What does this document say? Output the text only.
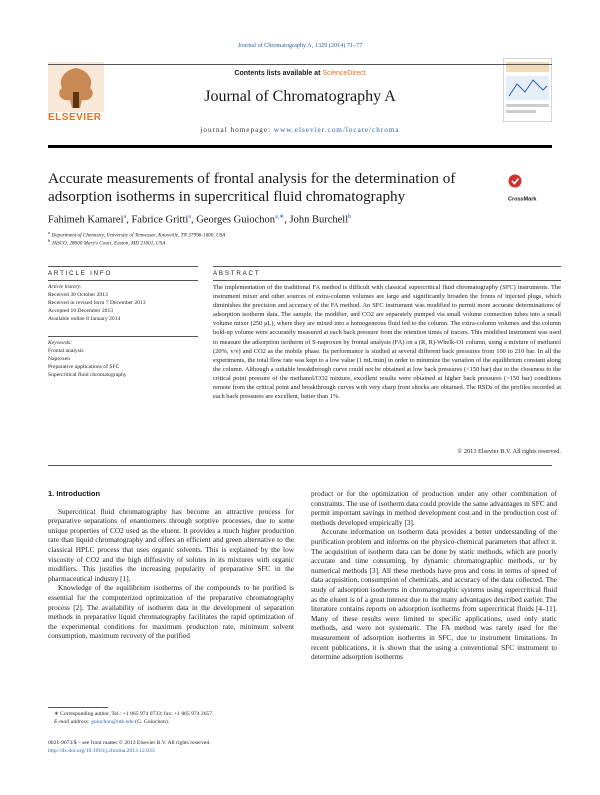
Journal of Chromatography A, 1329 (2014) 71–77
ELSEVIER
Contents lists available at ScienceDirect
Journal of Chromatography A
journal homepage: www.elsevier.com/locate/chroma
Accurate measurements of frontal analysis for the determination of
adsorption isotherms in supercritical fluid chromatography	CrossMark
Fahimeh Kamarei$^a$, Fabrice Gritti$^a$, Georges Guiochon$^{a,∗}$, John Burchell$^b$
$^a$ Department of Chemistry, University of Tennessee, Knoxville, TN 37996-1600, USA
$^b$ JASCO, 28600 Mary's Court, Easton, MD 21601, USA
ARTICLE INFO	ABSTRACT
Article history:
Received 30 October 2013
Received in revised form 7 December 2013
Accepted 10 December 2013
Available online 8 January 2014
Keywords:
Frontal analysis
Naproxen
Preparative applications of SFC
Supercritical fluid chromatography
The implementation of the traditional FA method is difficult with classical supercritical fluid chromatography (SFC) instruments. The instrument mixer and other sources of extra-column volumes are large and significantly broaden the fronts of injected plugs, which diminishes the precision and accuracy of the FA method. An SFC instrument was modified to permit more accurate determinations of adsorption isotherm data. The sample, the modifier, and CO2 are separately pumped via small volume connection tubes into a small volume mixer (250 μL), where they are mixed into a homogeneous fluid fed to the column. The extra-column volumes and the column hold-up volume were accurately measured at each back pressure from the retention times of tracers. This modified instrument was used to measure the adsorption isotherm of S-naproxen by frontal analysis (FA) on a (R, R)-Whelk-O1 column, using a mixture of methanol (20%, v/v) and CO2 as the mobile phase. Its performance is studied at several different back pressures from 100 to 210 bar. In all the experiments, the total flow rate was kept to a low value (1 mL/min) in order to minimize the variation of the equilibrium constant along the column. Although a suitable breakthrough curve could not be obtained at low back pressures (<150 bar) due to the closeness to the critical point pressure of the methanol/CO2 mixture, excellent results were obtained at higher back pressures (>150 bar) conditions remote from the critical point and breakthrough curves with very sharp front shocks are obtained. The RSDs of the profiles recorded at each back pressures are excellent, better than 1%.
© 2013 Elsevier B.V. All rights reserved.
1. Introduction

Supercritical fluid chromatography has become an attractive process for preparative separations of enantiomers through sorptive processes, due to some unique properties of CO2 used as the eluent. It provides a much higher production rate than liquid chromatography and offers an efficient and green alternative to the classical HPLC process that uses organic solvents. This is explained by the low viscosity of CO2 and the high diffusivity of solutes in its mixtures with organic modifiers. This justifies the increasing popularity of preparative SFC in the pharmaceutical industry [1].

Knowledge of the equilibrium isotherms of the compounds to be purified is essential for the computerized optimization of the preparative chromatography process [2]. The availability of isotherm data in the development of separation methods in preparative liquid chromatography facilitates the rapid optimization of the experimental conditions for maximum production rate, minimum solvent consumption, maximum recovery of the purified

product or for the optimization of production under any other combination of constraints. The use of isotherm data could provide the same advantages in SFC and permit important savings in method development cost and in the production cost of methods developed empirically [3].

Accurate information on isotherm data provides a better understanding of the purification problem and informs on the physico-chemical parameters that affect it. The acquisition of isotherm data can be done by static methods, which are poorly accurate and time consuming, by dynamic chromatographic methods, or by numerical methods [3]. All these methods have pros and cons in terms of speed of data acquisition, consumption of chemicals, and accuracy of the data collected. The study of adsorption isotherms in chromatographic systems using supercritical fluid as the eluent is of a great interest due to the many advantages described earlier. The literature contains reports on adsorption isotherms from supercritical fluids [4–11]. Many of these results were limited to specific applications, used only static methods, and were not systematic. The FA method was rarely used for the measurement of adsorption isotherms in SFC, due to instrument limitations. In recent publications, it is shown that the using a conventional SFC instrument to determine adsorption isotherms

∗ Corresponding author. Tel.: +1 865 974 0733; fax: +1 865 974 2657.
E-mail address: guiochon@utk.edu (G. Guiochon).
0021-9673/$ – see front matter © 2013 Elsevier B.V. All rights reserved.
http://dx.doi.org/10.1016/j.chroma.2013.12.033
